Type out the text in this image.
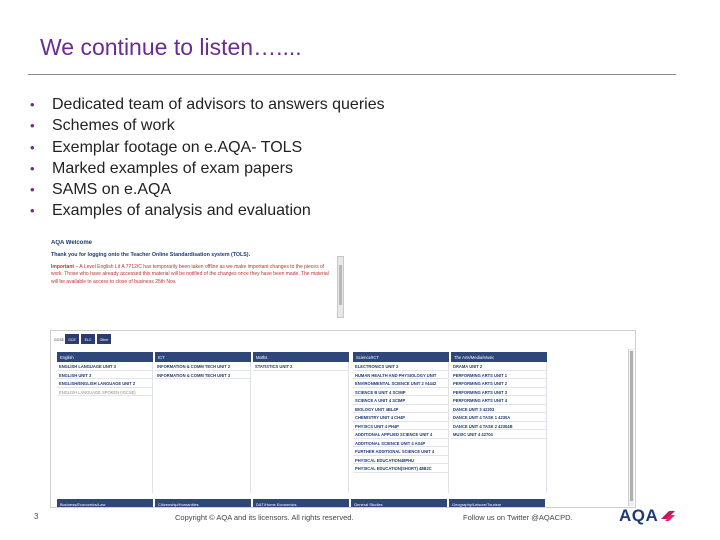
We continue to listen…....
•	Dedicated team of advisors to answers queries
•	Schemes of work
•	Exemplar footage on e.AQA- TOLS
•	Marked examples of exam papers
•	SAMS on e.AQA
•	Examples of analysis and evaluation
AQA Welcome
Thank you for logging onto the Teacher Online Standardisation system (TOLS).
Important – A Level English Lit A 7712/C has temporarily been taken offline as we make important changes to the pieces of work. Those who have already accessed this material will be notified of the changes once they have been made. The material will be available to access to close of business 25th Nov.
GCSE	GCE	ELC	Other
English
ENGLISH LANGUAGE UNIT 3
ENGLISH UNIT 3
ENGLISH/ENGLISH LANGUAGE UNIT 2
ENGLISH LANGUAGE SPOKEN (IGCSE)
ICT
INFORMATION & COMM TECH UNIT 2
INFORMATION & COMM TECH UNIT 3
Maths
STATISTICS UNIT 2
Science/ICT
ELECTRONICS UNIT 2
HUMAN HEALTH AND PHYSIOLOGY UNIT
ENVIRONMENTAL SCIENCE UNIT 2 #4442
SCIENCE B UNIT 4 SCIMP
SCIENCE A UNIT 4 SCIMP
BIOLOGY UNIT 4BL4P
CHEMISTRY UNIT 4 CH4P
PHYSICS UNIT 4 PH4P
ADDITIONAL APPLIED SCIENCE UNIT 4
ADDITIONAL SCIENCE UNIT 4 AS4P
FURTHER ADDITIONAL SCIENCE UNIT 4
PHYSICAL EDUCATION48PHU
PHYSICAL EDUCATION(SHORT) 48B2C
The Arts/Media/Music
DRAMA UNIT 2
PERFORMING ARTS UNIT 1
PERFORMING ARTS UNIT 2
PERFORMING ARTS UNIT 3
PERFORMING ARTS UNIT 4
DANCE UNIT 3 42303
DANCE UNIT 4 TASK 1 4230A
DANCE UNIT 4 TASK 2 42304B
MUSIC UNIT 4 42704
Business/Economics/Law	Citizenship/Humanities	D&T/Home Economics	General Studies	Geography/Leisure/Tourism
3	Copyright © AQA and its licensors. All rights reserved.	Follow us on Twitter @AQACPD.	AQA
